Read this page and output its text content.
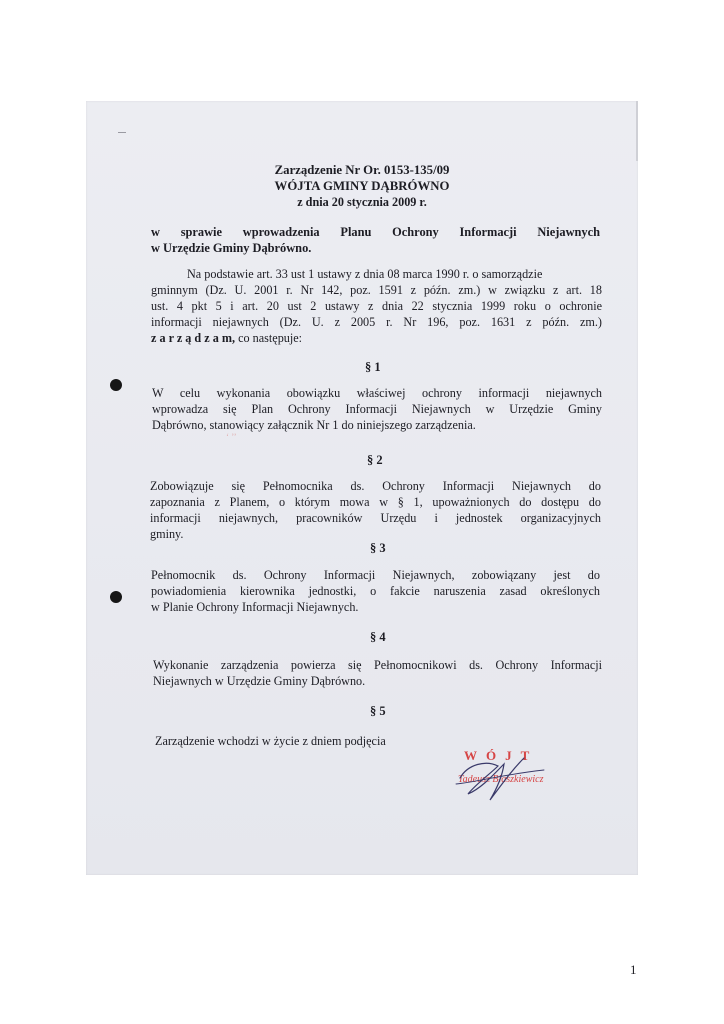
Zarządzenie Nr Or. 0153-135/09
WÓJTA GMINY DĄBRÓWNO
z dnia 20 stycznia 2009 r.
w sprawie wprowadzenia Planu Ochrony Informacji Niejawnych
w Urzędzie Gminy Dąbrówno.
Na podstawie art. 33 ust 1 ustawy z dnia 08 marca 1990 r. o samorządzie
gminnym (Dz. U. 2001 r. Nr 142, poz. 1591 z późn. zm.) w związku z art. 18
ust. 4 pkt 5 i art. 20 ust 2 ustawy z dnia 22 stycznia 1999 roku o ochronie
informacji niejawnych (Dz. U. z 2005 r. Nr 196, poz. 1631 z późn. zm.)
z a r z ą d z a m, co następuje:
§ 1
W celu wykonania obowiązku właściwej ochrony informacji niejawnych
wprowadza się Plan Ochrony Informacji Niejawnych w Urzędzie Gminy
Dąbrówno, stanowiący załącznik Nr 1 do niniejszego zarządzenia.
‘ ’’
§ 2
Zobowiązuje się Pełnomocnika ds. Ochrony Informacji Niejawnych do
zapoznania z Planem, o którym mowa w § 1, upoważnionych do dostępu do
informacji niejawnych, pracowników Urzędu i jednostek organizacyjnych
gminy.
§ 3
Pełnomocnik ds. Ochrony Informacji Niejawnych, zobowiązany jest do
powiadomienia kierownika jednostki, o fakcie naruszenia zasad określonych
w Planie Ochrony Informacji Niejawnych.
§ 4
Wykonanie zarządzenia powierza się Pełnomocnikowi ds. Ochrony Informacji
Niejawnych w Urzędzie Gminy Dąbrówno.
§ 5
Zarządzenie wchodzi w życie z dniem podjęcia
WÓJT
Tadeusz Błaszkiewicz
1
